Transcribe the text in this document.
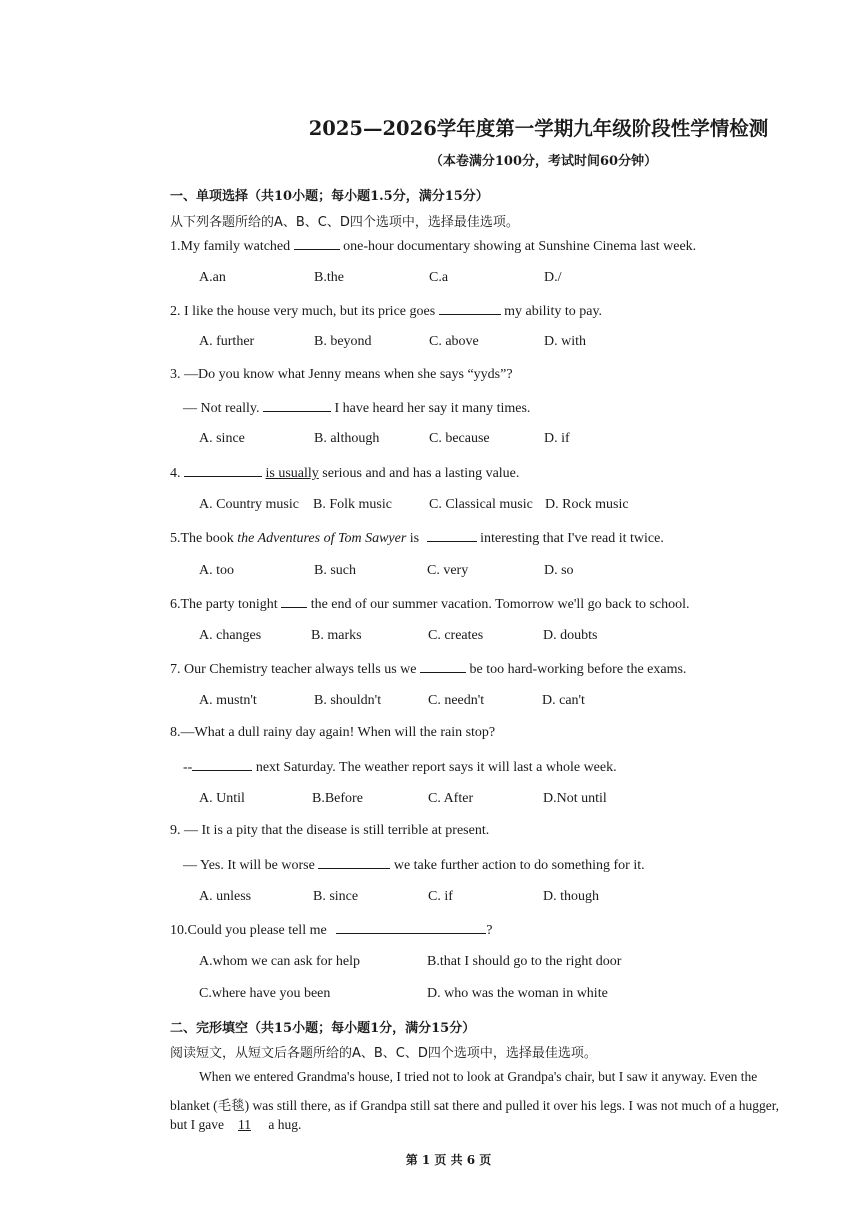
2025—2026学年度第一学期九年级阶段性学情检测
（本卷满分100分，考试时间60分钟）
一、单项选择（共10小题；每小题1.5分，满分15分）
从下列各题所给的A、B、C、D四个选项中，选择最佳选项。
1.My family watched	one-hour documentary showing at Sunshine Cinema last week.
A.an	B.the	C.a	D./
2. I like the house very much, but its price goes	my ability to pay.
A. further	B. beyond	C. above	D. with
3. —Do you know what Jenny means when she says “yyds”?
— Not really.	I have heard her say it many times.
A. since	B. although	C. because	D. if
4.	is usually serious and and has a lasting value.
A. Country music B. Folk music	C. Classical music D. Rock music
5.The book the Adventures of Tom Sawyer is	interesting that I've read it twice.
A. too	B. such	C. very	D. so
6.The party tonight the end of our summer vacation. Tomorrow we'll go back to school.
A. changes	B. marks	C. creates	D. doubts
7. Our Chemistry teacher always tells us we	be too hard-working before the exams.
A. mustn't	B. shouldn't	C. needn't	D. can't
8.—What a dull rainy day again! When will the rain stop?
--	next Saturday. The weather report says it will last a whole week.
A. Until	B.Before	C. After	D.Not until
9. — It is a pity that the disease is still terrible at present.
— Yes. It will be worse	we take further action to do something for it.
A. unless	B. since	C. if	D. though
10.Could you please tell me	?
A.whom we can ask for help	B.that I should go to the right door
C.where have you been	D. who was the woman in white
二、完形填空（共15小题；每小题1分，满分15分）
阅读短文，从短文后各题所给的A、B、C、D四个选项中，选择最佳选项。
When we entered Grandma's house, I tried not to look at Grandpa's chair, but I saw it anyway. Even the
blanket (毛毯) was still there, as if Grandpa still sat there and pulled it over his legs. I was not much of a hugger,
but I gave 11 a hug.
第 1 页 共 6 页
